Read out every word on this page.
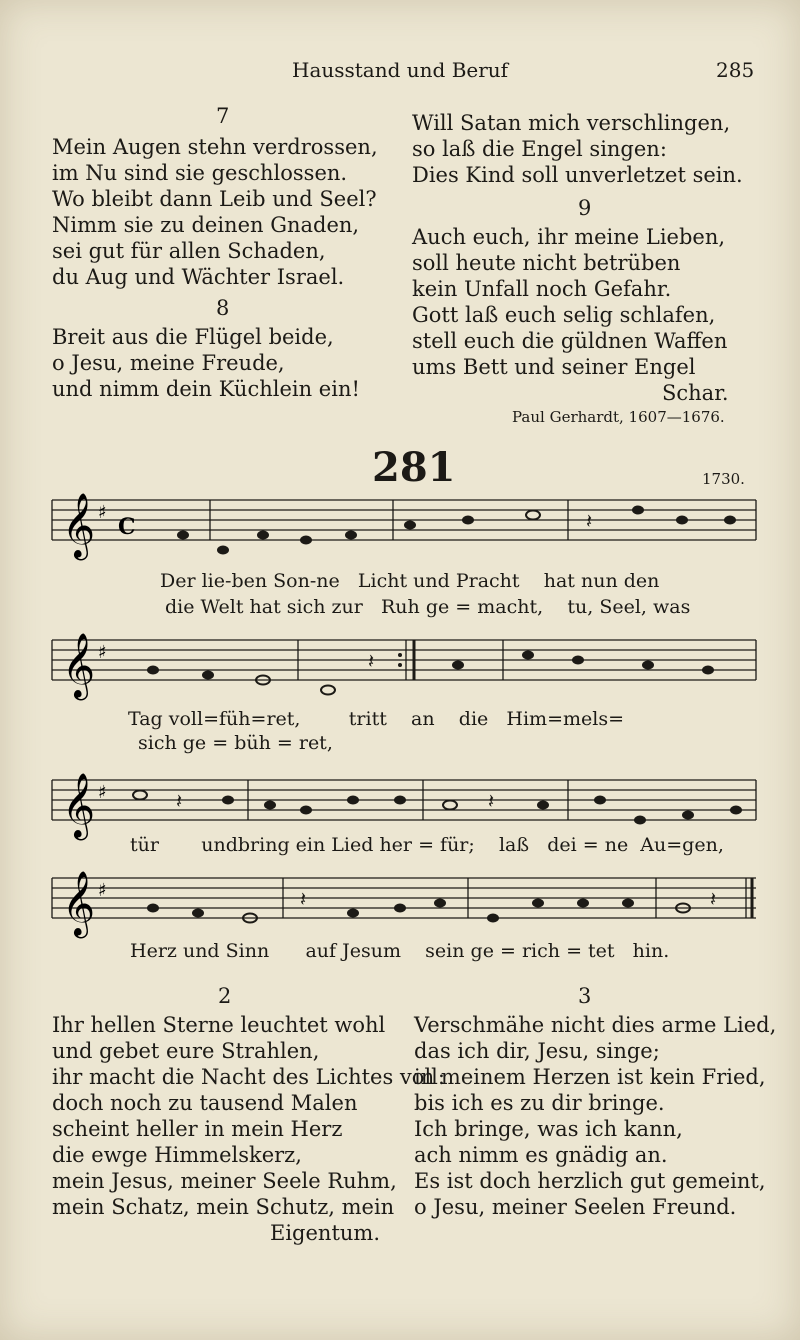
Hausstand und Beruf	285
7
Mein Augen stehn verdrossen,
im Nu sind sie geschlossen.
Wo bleibt dann Leib und Seel?
Nimm sie zu deinen Gnaden,
sei gut für allen Schaden,
du Aug und Wächter Israel.
8
Breit aus die Flügel beide,
o Jesu, meine Freude,
und nimm dein Küchlein ein!
Will Satan mich verschlingen,
so laß die Engel singen:
Dies Kind soll unverletzet sein.
9
Auch euch, ihr meine Lieben,
soll heute nicht betrüben
kein Unfall noch Gefahr.
Gott laß euch selig schlafen,
stell euch die güldnen Waffen
ums Bett und seiner Engel
Schar.
Paul Gerhardt, 1607—1676.
281	1730.
𝄞 ♯
C	𝄽
Der lie-ben Son-ne Licht und Pracht hat nun den
die Welt hat sich zur Ruh ge = macht, tu, Seel, was
𝄞 ♯	𝄽
Tag voll=füh=ret,	tritt an die Him=mels=
sich ge = büh = ret,
𝄞 ♯	𝄽	𝄽
tür undbring ein Lied her = für; laß dei = ne Au=gen,
𝄞 ♯	𝄽	𝄽
Herz und Sinn auf Jesum sein ge = rich = tet hin.
2
Ihr hellen Sterne leuchtet wohl
und gebet eure Strahlen,
ihr macht die Nacht des Lichtes voll:
doch noch zu tausend Malen
scheint heller in mein Herz
die ewge Himmelskerz,
mein Jesus, meiner Seele Ruhm,
mein Schatz, mein Schutz, mein
Eigentum.
3
Verschmähe nicht dies arme Lied,
das ich dir, Jesu, singe;
in meinem Herzen ist kein Fried,
bis ich es zu dir bringe.
Ich bringe, was ich kann,
ach nimm es gnädig an.
Es ist doch herzlich gut gemeint,
o Jesu, meiner Seelen Freund.
